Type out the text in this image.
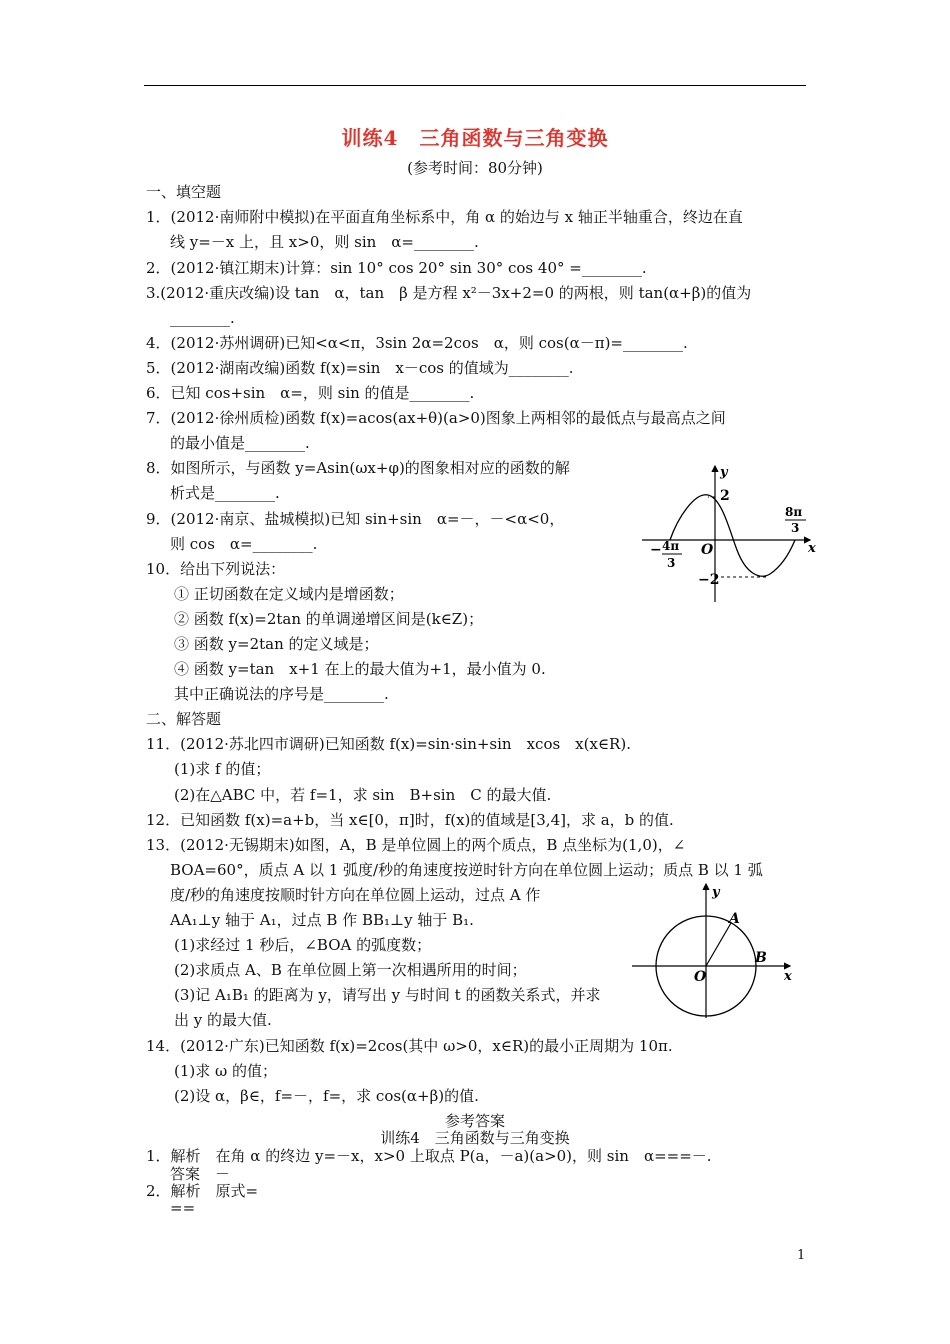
训练4　三角函数与三角变换
(参考时间：80分钟)
一、填空题
1．(2012·南师附中模拟)在平面直角坐标系中，角 α 的始边与 x 轴正半轴重合，终边在直
线 y=－x 上，且 x>0，则 sin　α=________.
2．(2012·镇江期末)计算：sin 10° cos 20° sin 30° cos 40° =________.
3.(2012·重庆改编)设 tan　α，tan　β 是方程 x²－3x+2=0 的两根，则 tan(α+β)的值为
________.
4．(2012·苏州调研)已知<α<π，3sin 2α=2cos　α，则 cos(α－π)=________.
5．(2012·湖南改编)函数 f(x)=sin　x－cos 的值域为________.
6．已知 cos+sin　α=，则 sin 的值是________.
7．(2012·徐州质检)函数 f(x)=acos(ax+θ)(a>0)图象上两相邻的最低点与最高点之间
的最小值是________.
8．如图所示，与函数 y=Asin(ωx+φ)的图象相对应的函数的解
析式是________.
9．(2012·南京、盐城模拟)已知 sin+sin　α=－，－<α<0，
则 cos　α=________.
10．给出下列说法：
① 正切函数在定义域内是增函数；
② 函数 f(x)=2tan 的单调递增区间是(k∈Z)；
③ 函数 y=2tan 的定义域是；
④ 函数 y=tan　x+1 在上的最大值为+1，最小值为 0.
其中正确说法的序号是________.
二、解答题
11．(2012·苏北四市调研)已知函数 f(x)=sin·sin+sin　xcos　x(x∈R).
(1)求 f 的值；
(2)在△ABC 中，若 f=1，求 sin　B+sin　C 的最大值.
12．已知函数 f(x)=a+b，当 x∈[0，π]时，f(x)的值域是[3,4]，求 a，b 的值.
13．(2012·无锡期末)如图，A，B 是单位圆上的两个质点，B 点坐标为(1,0)，∠
BOA=60°，质点 A 以 1 弧度/秒的角速度按逆时针方向在单位圆上运动；质点 B 以 1 弧
度/秒的角速度按顺时针方向在单位圆上运动，过点 A 作
AA₁⊥y 轴于 A₁，过点 B 作 BB₁⊥y 轴于 B₁.
(1)求经过 1 秒后，∠BOA 的弧度数；
(2)求质点 A、B 在单位圆上第一次相遇所用的时间；
(3)记 A₁B₁ 的距离为 y，请写出 y 与时间 t 的函数关系式，并求
出 y 的最大值.
14．(2012·广东)已知函数 f(x)=2cos(其中 ω>0，x∈R)的最小正周期为 10π.
(1)求 ω 的值；
(2)设 α，β∈，f=－，f=，求 cos(α+β)的值.
参考答案
训练4　三角函数与三角变换
1．解析　在角 α 的终边 y=－x，x>0 上取点 P(a，－a)(a>0)，则 sin　α===－.
答案　－
2．解析　原式=
==
y
x
O
2
−2
− 4π
3
8π
3
y
x
O
A
B
1
